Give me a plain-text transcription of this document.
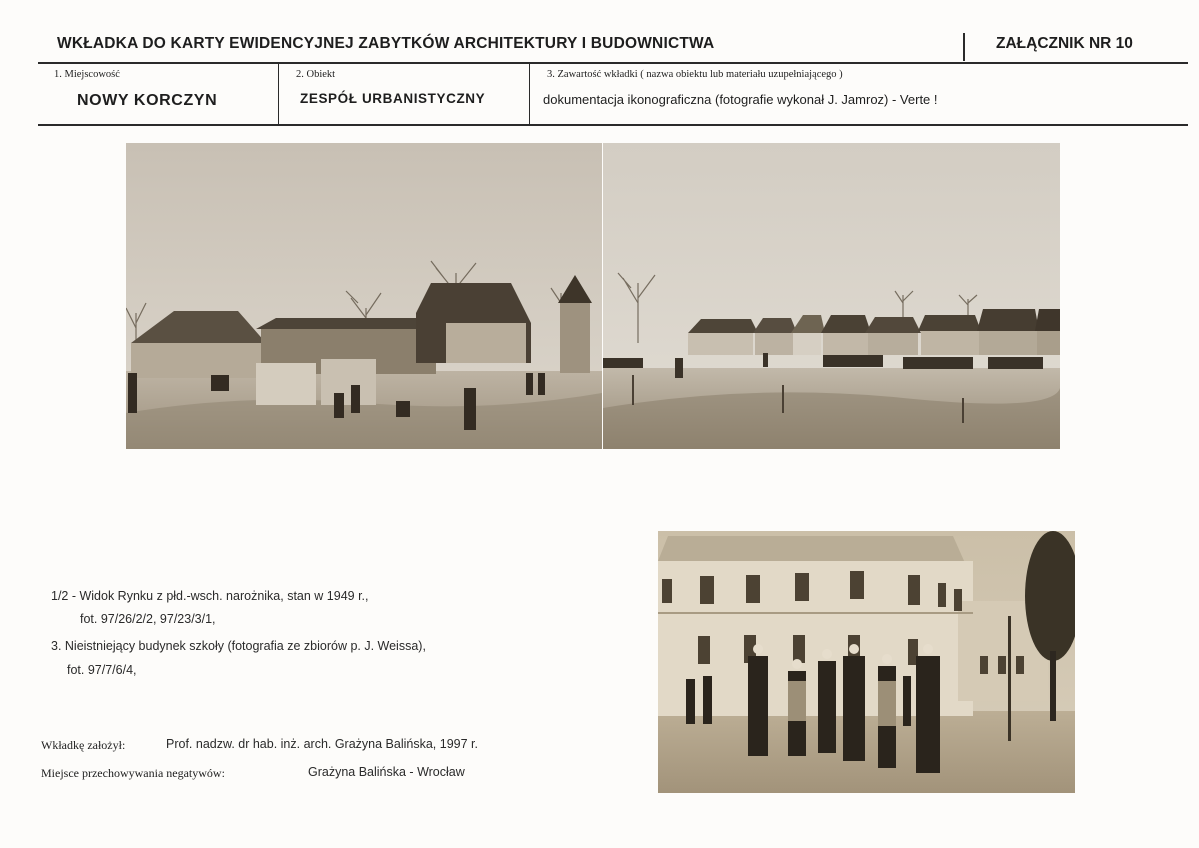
WKŁADKA DO KARTY EWIDENCYJNEJ ZABYTKÓW ARCHITEKTURY I BUDOWNICTWA	ZAŁĄCZNIK NR 10
1. Miejscowość
NOWY KORCZYN
2. Obiekt
ZESPÓŁ URBANISTYCZNY
3. Zawartość wkładki ( nazwa obiektu lub materiału uzupełniającego )
dokumentacja ikonograficzna (fotografie wykonał J. Jamroz) - Verte !
1/2 - Widok Rynku z płd.-wsch. narożnika, stan w 1949 r.,
fot. 97/26/2/2, 97/23/3/1,
3. Nieistniejący budynek szkoły (fotografia ze zbiorów p. J. Weissa),
fot. 97/7/6/4,
Wkładkę założył:	Prof. nadzw. dr hab. inż. arch. Grażyna Balińska, 1997 r.
Miejsce przechowywania negatywów:	Grażyna Balińska - Wrocław
